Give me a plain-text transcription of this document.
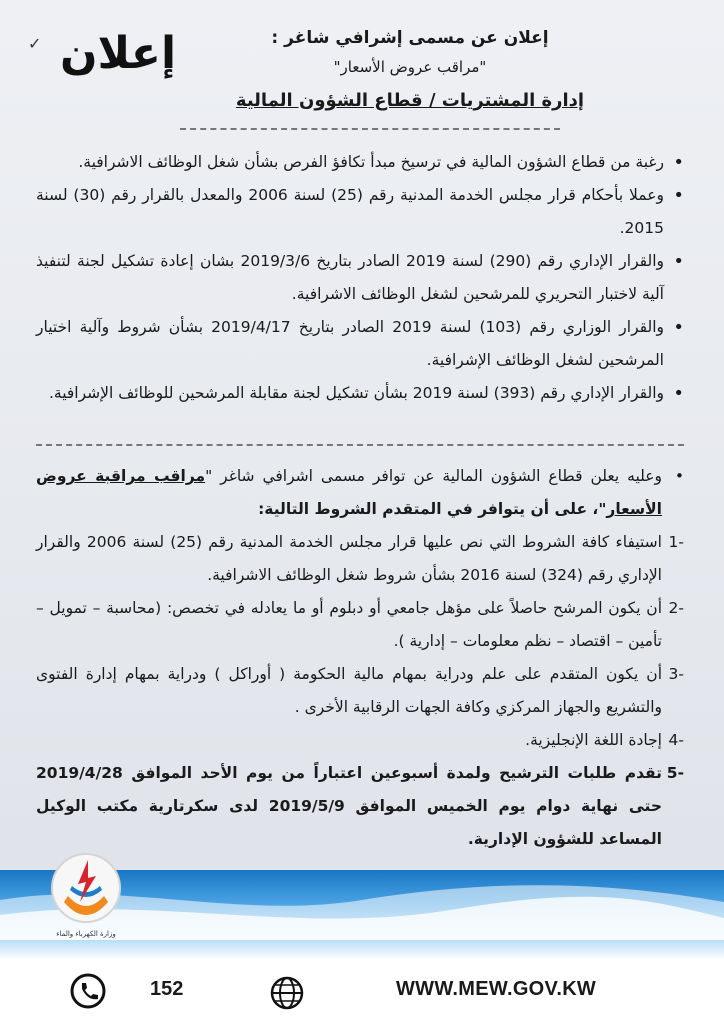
✓ إعلان	إعلان عن مسمى إشرافي شاغر :
"مراقب عروض الأسعار"
إدارة المشتريات / قطاع الشؤون المالية
•

رغبة من قطاع الشؤون المالية في ترسيخ مبدأ تكافؤ الفرص بشأن شغل الوظائف الاشرافية.

•

وعملا بأحكام قرار مجلس الخدمة المدنية رقم (25) لسنة 2006 والمعدل بالقرار رقم (30) لسنة 2015.

•

والقرار الإداري رقم (290) لسنة 2019 الصادر بتاريخ 2019/3/6 بشان إعادة تشكيل لجنة لتنفيذ آلية لاختبار التحريري للمرشحين لشغل الوظائف الاشرافية.

•

والقرار الوزاري رقم (103) لسنة 2019 الصادر بتاريخ 2019/4/17 بشأن شروط وآلية اختيار المرشحين لشغل الوظائف الإشرافية.

•

والقرار الإداري رقم (393) لسنة 2019 بشأن تشكيل لجنة مقابلة المرشحين للوظائف الإشرافية.

•

وعليه يعلن قطاع الشؤون المالية عن توافر مسمى اشرافي شاغر "مراقب مراقبة عروض الأسعار"، على أن يتوافر في المتقدم الشروط التالية:

-1

استيفاء كافة الشروط التي نص عليها قرار مجلس الخدمة المدنية رقم (25) لسنة 2006 والقرار الإداري رقم (324) لسنة 2016 بشأن شروط شغل الوظائف الاشرافية.

-2

أن يكون المرشح حاصلاً على مؤهل جامعي أو دبلوم أو ما يعادله في تخصص: (محاسبة – تمويل – تأمين – اقتصاد – نظم معلومات – إدارية ).

-3

أن يكون المتقدم على علم ودراية بمهام مالية الحكومة ( أوراكل ) ودراية بمهام إدارة الفتوى والتشريع والجهاز المركزي وكافة الجهات الرقابية الأخرى .

-4

إجادة اللغة الإنجليزية.

-5

تقدم طلبات الترشيح ولمدة أسبوعين اعتباراً من يوم الأحد الموافق 2019/4/28 حتى نهاية دوام يوم الخميس الموافق 2019/5/9 لدى سكرتارية مكتب الوكيل المساعد للشؤون الإدارية.

وزارة الكهرباء والماء
152	WWW.MEW.GOV.KW
